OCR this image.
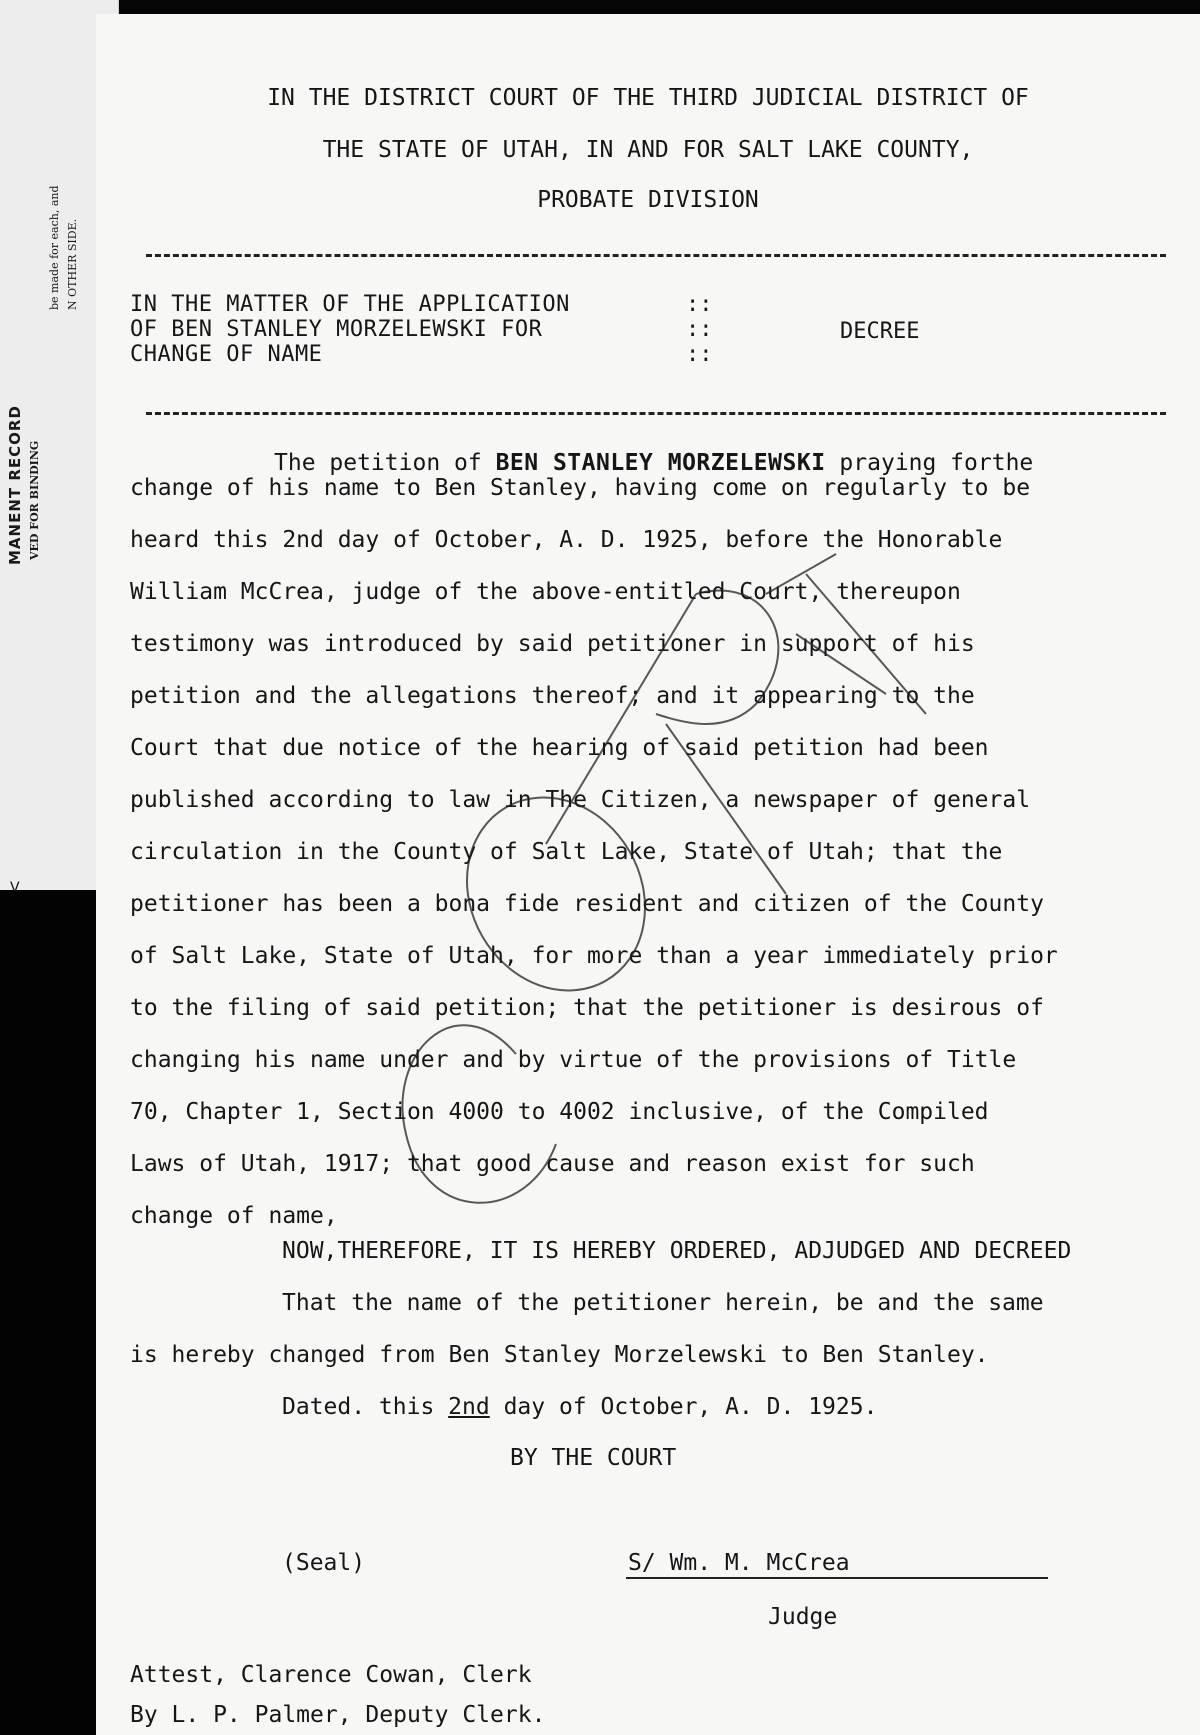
MANENT RECORD VED FOR BINDING
be made for each, and N OTHER SIDE.
V
IN THE DISTRICT COURT OF THE THIRD JUDICIAL DISTRICT OF
THE STATE OF UTAH, IN AND FOR SALT LAKE COUNTY,
PROBATE DIVISION
IN THE MATTER OF THE APPLICATION
OF BEN STANLEY MORZELEWSKI FOR
CHANGE OF NAME
::
::
::
DECREE
The petition of BEN STANLEY MORZELEWSKI praying forthe
change of his name to Ben Stanley, having come on regularly to be
heard this 2nd day of October, A. D. 1925, before the Honorable
William McCrea, judge of the above-entitled Court, thereupon
testimony was introduced by said petitioner in support of his
petition and the allegations thereof; and it appearing to the
Court that due notice of the hearing of said petition had been
published according to law in The Citizen, a newspaper of general
circulation in the County of Salt Lake, State of Utah; that the
petitioner has been a bona fide resident and citizen of the County
of Salt Lake, State of Utah, for more than a year immediately prior
to the filing of said petition; that the petitioner is desirous of
changing his name under and by virtue of the provisions of Title
70, Chapter 1, Section 4000 to 4002 inclusive, of the Compiled
Laws of Utah, 1917; that good cause and reason exist for such
change of name,
NOW,THEREFORE, IT IS HEREBY ORDERED, ADJUDGED AND DECREED
That the name of the petitioner herein, be and the same
is hereby changed from Ben Stanley Morzelewski to Ben Stanley.
Dated. this 2nd day of October, A. D. 1925.
BY THE COURT
(Seal)	S/ Wm. M. McCrea
Judge
Attest, Clarence Cowan, Clerk
By L. P. Palmer, Deputy Clerk.
